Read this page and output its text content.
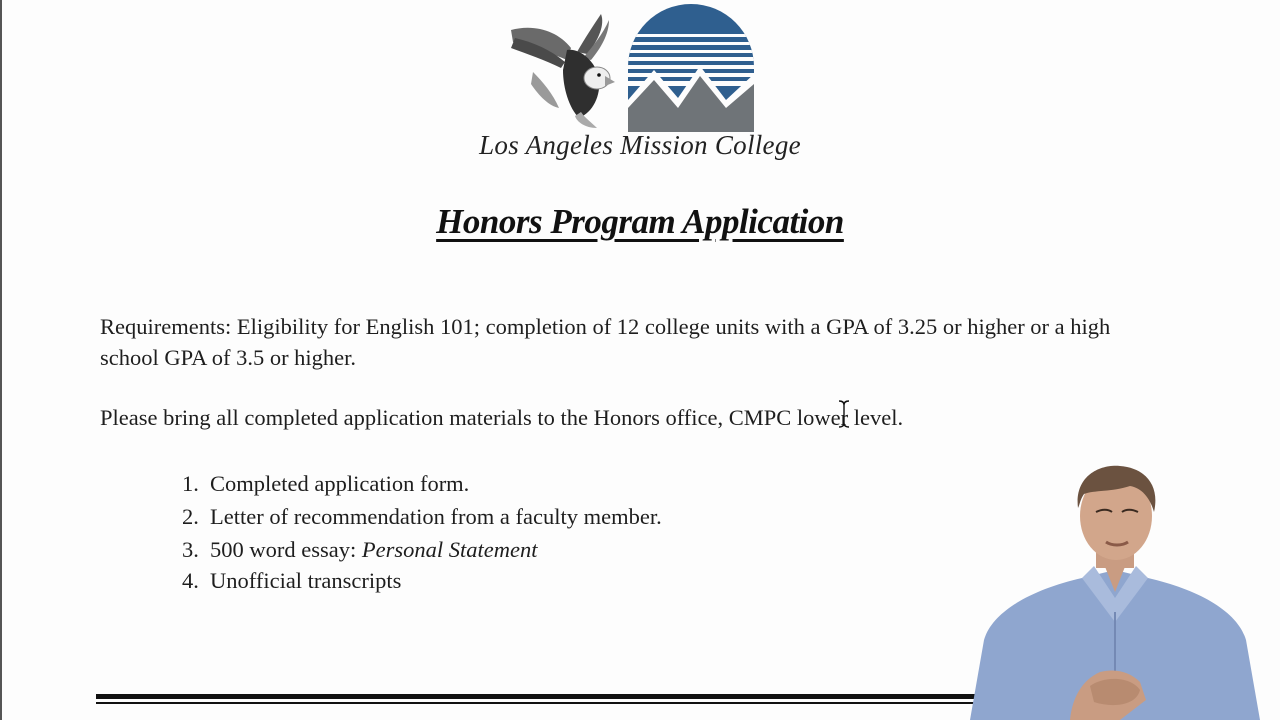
Los Angeles Mission College
Honors Program Application
Requirements: Eligibility for English 101; completion of 12 college units with a GPA of 3.25 or higher or a high school GPA of 3.5 or higher.
Please bring all completed application materials to the Honors office, CMPC lower level.
1. Completed application form.
2. Letter of recommendation from a faculty member.
3. 500 word essay: Personal Statement
4. Unofficial transcripts
